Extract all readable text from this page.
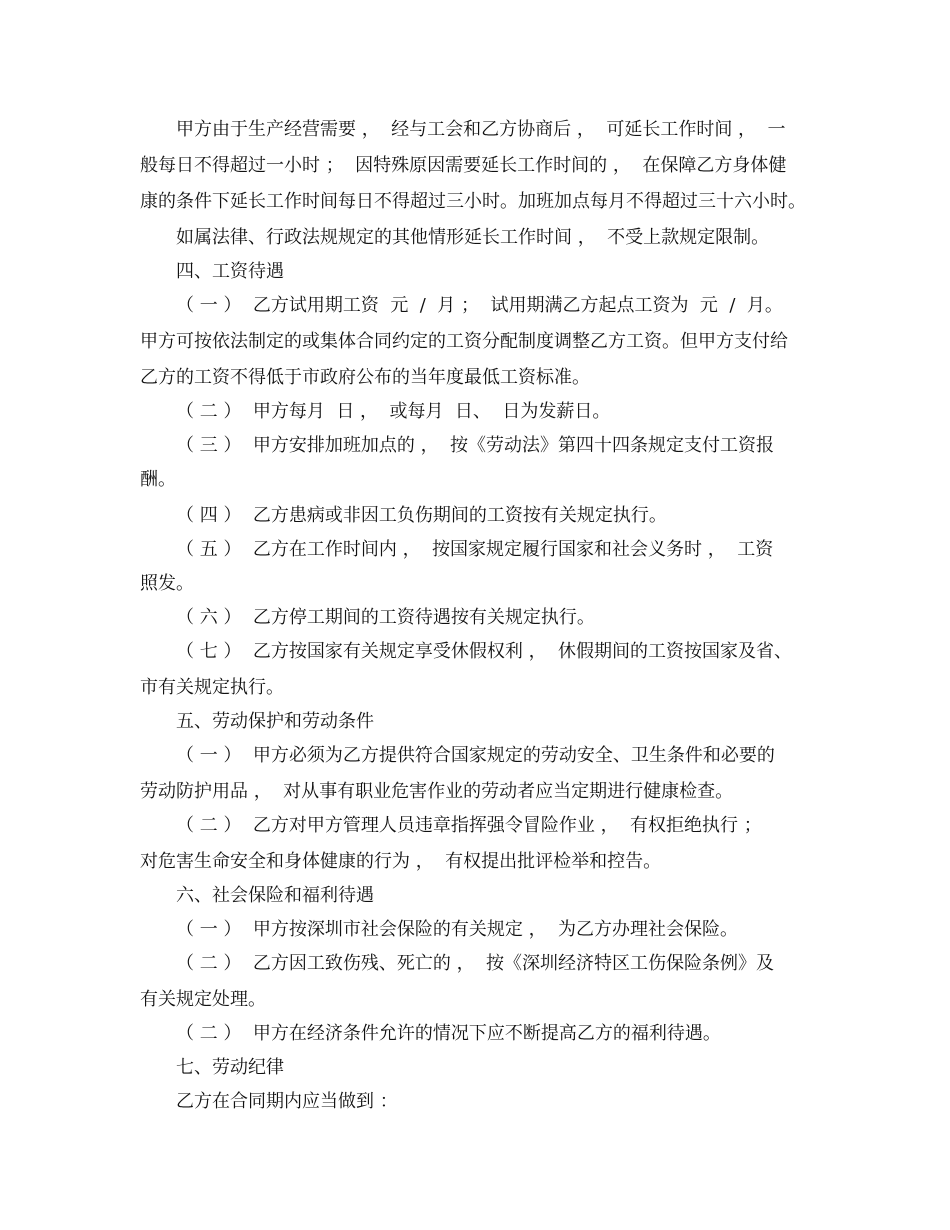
甲方由于生产经营需要 ，  经与工会和乙方协商后 ，  可延长工作时间 ，  一

般每日不得超过一小时 ；  因特殊原因需要延长工作时间的 ，  在保障乙方身体健

康的条件下延长工作时间每日不得超过三小时。加班加点每月不得超过三十六小时。

如属法律、行政法规规定的其他情形延长工作时间 ，  不受上款规定限制。

四、工资待遇

（ 一 ）  乙方试用期工资  元  /  月 ；  试用期满乙方起点工资为  元  /  月。

甲方可按依法制定的或集体合同约定的工资分配制度调整乙方工资。但甲方支付给

乙方的工资不得低于市政府公布的当年度最低工资标准。

（ 二 ）  甲方每月  日 ，  或每月  日、  日为发薪日。

（ 三 ）  甲方安排加班加点的 ，  按《劳动法》第四十四条规定支付工资报

酬。

（ 四 ）  乙方患病或非因工负伤期间的工资按有关规定执行。

（ 五 ）  乙方在工作时间内 ，  按国家规定履行国家和社会义务时 ，  工资

照发。

（ 六 ）  乙方停工期间的工资待遇按有关规定执行。

（ 七 ）  乙方按国家有关规定享受休假权利 ，  休假期间的工资按国家及省、

市有关规定执行。

五、劳动保护和劳动条件

（ 一 ）  甲方必须为乙方提供符合国家规定的劳动安全、卫生条件和必要的

劳动防护用品 ，  对从事有职业危害作业的劳动者应当定期进行健康检查。

（ 二 ）  乙方对甲方管理人员违章指挥强令冒险作业 ，  有权拒绝执行 ；

对危害生命安全和身体健康的行为 ，  有权提出批评检举和控告。

六、社会保险和福利待遇

（ 一 ）  甲方按深圳市社会保险的有关规定 ，  为乙方办理社会保险。

（ 二 ）  乙方因工致伤残、死亡的 ，  按《深圳经济特区工伤保险条例》及

有关规定处理。

（ 二 ）  甲方在经济条件允许的情况下应不断提高乙方的福利待遇。

七、劳动纪律

乙方在合同期内应当做到 ：
